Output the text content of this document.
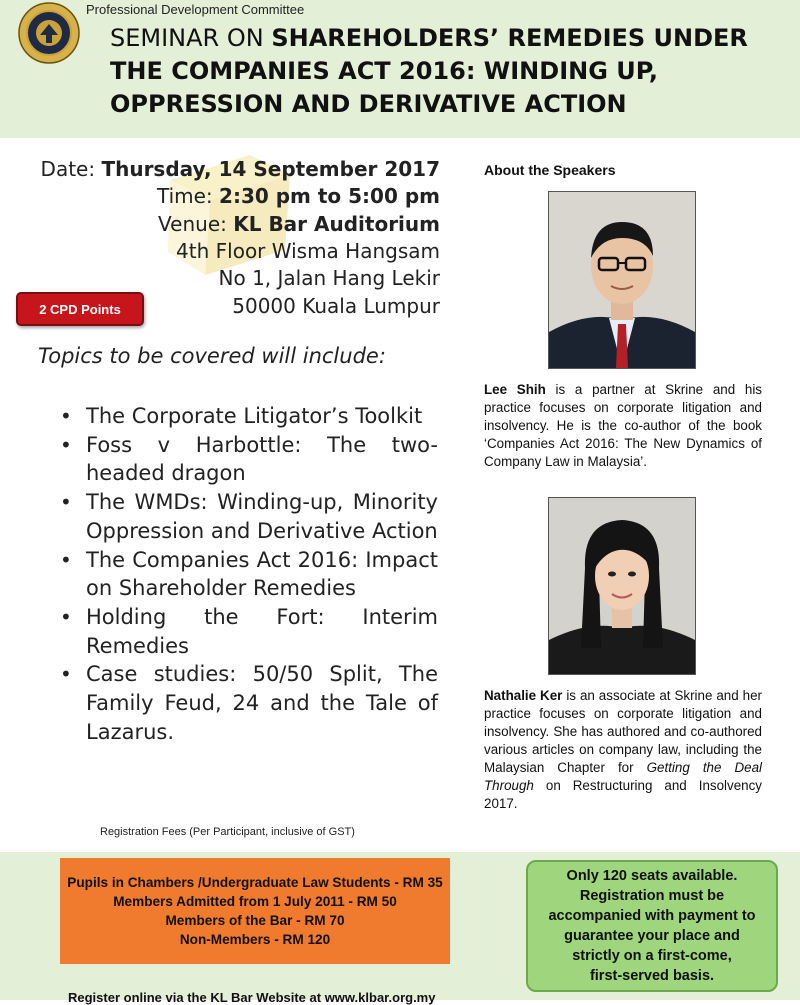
Professional Development Committee
SEMINAR ON SHAREHOLDERS’ REMEDIES UNDER THE COMPANIES ACT 2016: WINDING UP, OPPRESSION AND DERIVATIVE ACTION
Date: Thursday, 14 September 2017
Time: 2:30 pm to 5:00 pm
Venue: KL Bar Auditorium
4th Floor Wisma Hangsam
No 1, Jalan Hang Lekir
50000 Kuala Lumpur
2 CPD Points
Topics to be covered will include:
• The Corporate Litigator’s Toolkit
• Foss v Harbottle: The two-headed dragon
• The WMDs: Winding-up, Minority Oppression and Derivative Action
• The Companies Act 2016: Impact on Shareholder Remedies
• Holding the Fort: Interim Remedies
• Case studies: 50/50 Split, The Family Feud, 24 and the Tale of Lazarus.
Registration Fees (Per Participant, inclusive of GST)
About the Speakers
Lee Shih is a partner at Skrine and his practice focuses on corporate litigation and insolvency. He is the co-author of the book ‘Companies Act 2016: The New Dynamics of Company Law in Malaysia’.
Nathalie Ker is an associate at Skrine and her practice focuses on corporate litigation and insolvency. She has authored and co-authored various articles on company law, including the Malaysian Chapter for Getting the Deal Through on Restructuring and Insolvency 2017.
Pupils in Chambers /Undergraduate Law Students - RM 35
Members Admitted from 1 July 2011 - RM 50
Members of the Bar - RM 70
Non-Members - RM 120
Only 120 seats available.
Registration must be
accompanied with payment to
guarantee your place and
strictly on a first-come,
first-served basis.
Register online via the KL Bar Website at www.klbar.org.my
